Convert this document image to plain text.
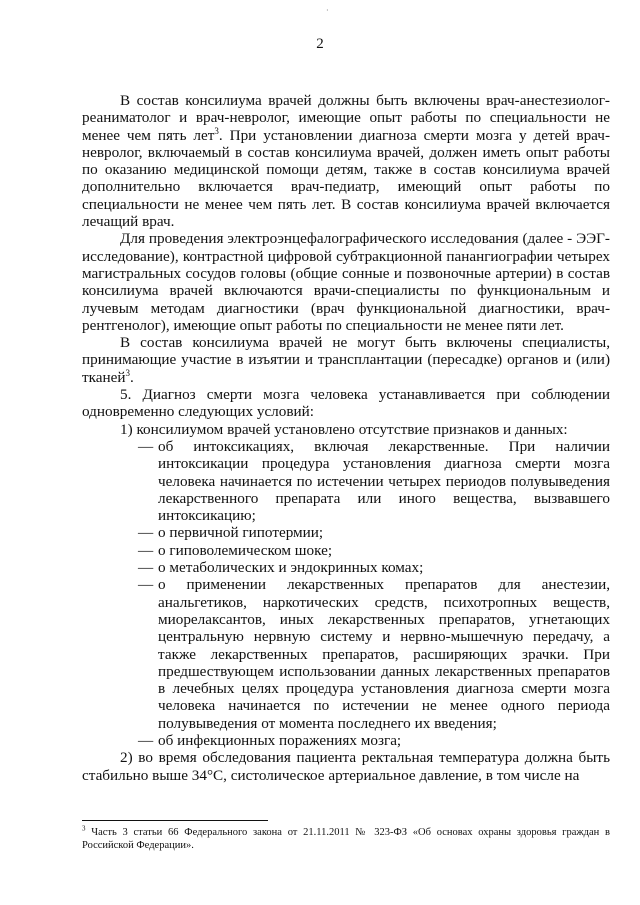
·
2

В состав консилиума врачей должны быть включены врач-анестезиолог-реаниматолог и врач-невролог, имеющие опыт работы по специальности не менее чем пять лет$^3$. При установлении диагноза смерти мозга у детей врач-невролог, включаемый в состав консилиума врачей, должен иметь опыт работы по оказанию медицинской помощи детям, также в состав консилиума врачей дополнительно включается врач-педиатр, имеющий опыт работы по специальности не менее чем пять лет. В состав консилиума врачей включается лечащий врач.

Для проведения электроэнцефалографического исследования (далее - ЭЭГ-исследование), контрастной цифровой субтракционной панангиографии четырех магистральных сосудов головы (общие сонные и позвоночные артерии) в состав консилиума врачей включаются врачи-специалисты по функциональным и лучевым методам диагностики (врач функциональной диагностики, врач-рентгенолог), имеющие опыт работы по специальности не менее пяти лет.

В состав консилиума врачей не могут быть включены специалисты, принимающие участие в изъятии и трансплантации (пересадке) органов и (или) тканей$^3$.

5. Диагноз смерти мозга человека устанавливается при соблюдении одновременно следующих условий:

1) консилиумом врачей установлено отсутствие признаков и данных:

— об интоксикациях, включая лекарственные. При наличии интоксикации процедура установления диагноза смерти мозга человека начинается по истечении четырех периодов полувыведения лекарственного препарата или иного вещества, вызвавшего интоксикацию;
— о первичной гипотермии;
— о гиповолемическом шоке;
— о метаболических и эндокринных комах;
— о применении лекарственных препаратов для анестезии, анальгетиков, наркотических средств, психотропных веществ, миорелаксантов, иных лекарственных препаратов, угнетающих центральную нервную систему и нервно-мышечную передачу, а также лекарственных препаратов, расширяющих зрачки. При предшествующем использовании данных лекарственных препаратов в лечебных целях процедура установления диагноза смерти мозга человека начинается по истечении не менее одного периода полувыведения от момента последнего их введения;
— об инфекционных поражениях мозга;

2) во время обследования пациента ректальная температура должна быть стабильно выше 34°С, систолическое артериальное давление, в том числе на

$^3$ Часть 3 статьи 66 Федерального закона от 21.11.2011 № 323-ФЗ «Об основах охраны здоровья граждан в Российской Федерации».
